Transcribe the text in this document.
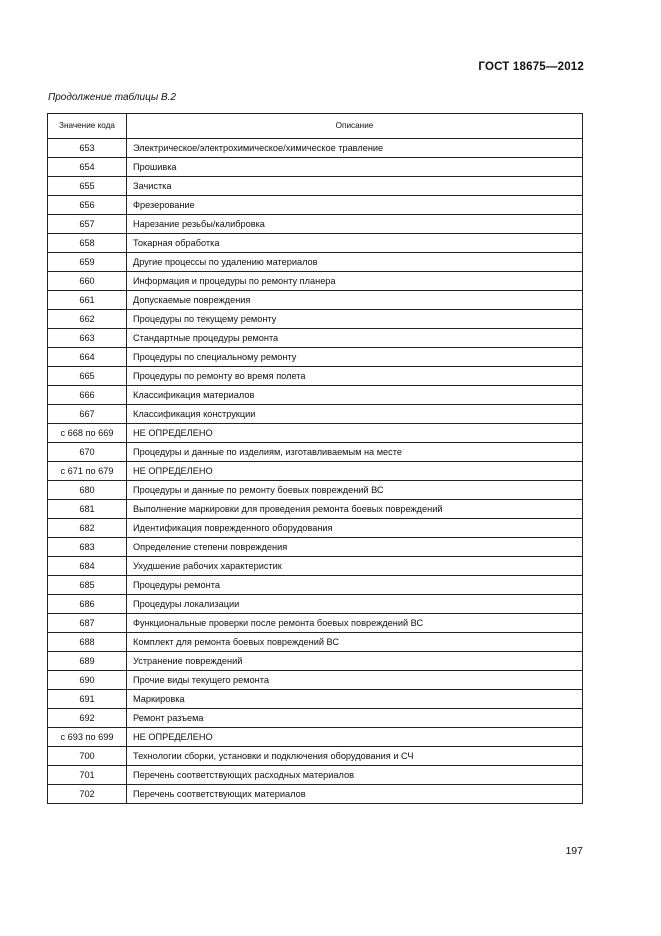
ГОСТ 18675—2012
Продолжение таблицы В.2
Значение кода	Описание
653	Электрическое/электрохимическое/химическое травление
654	Прошивка
655	Зачистка
656	Фрезерование
657	Нарезание резьбы/калибровка
658	Токарная обработка
659	Другие процессы по удалению материалов
660	Информация и процедуры по ремонту планера
661	Допускаемые повреждения
662	Процедуры по текущему ремонту
663	Стандартные процедуры ремонта
664	Процедуры по специальному ремонту
665	Процедуры по ремонту во время полета
666	Классификация материалов
667	Классификация конструкции
с 668 по 669	НЕ ОПРЕДЕЛЕНО
670	Процедуры и данные по изделиям, изготавливаемым на месте
с 671 по 679	НЕ ОПРЕДЕЛЕНО
680	Процедуры и данные по ремонту боевых повреждений ВС
681	Выполнение маркировки для проведения ремонта боевых повреждений
682	Идентификация поврежденного оборудования
683	Определение степени повреждения
684	Ухудшение рабочих характеристик
685	Процедуры ремонта
686	Процедуры локализации
687	Функциональные проверки после ремонта боевых повреждений ВС
688	Комплект для ремонта боевых повреждений ВС
689	Устранение повреждений
690	Прочие виды текущего ремонта
691	Маркировка
692	Ремонт разъема
с 693 по 699	НЕ ОПРЕДЕЛЕНО
700	Технологии сборки, установки и подключения оборудования и СЧ
701	Перечень соответствующих расходных материалов
702	Перечень соответствующих материалов
197
